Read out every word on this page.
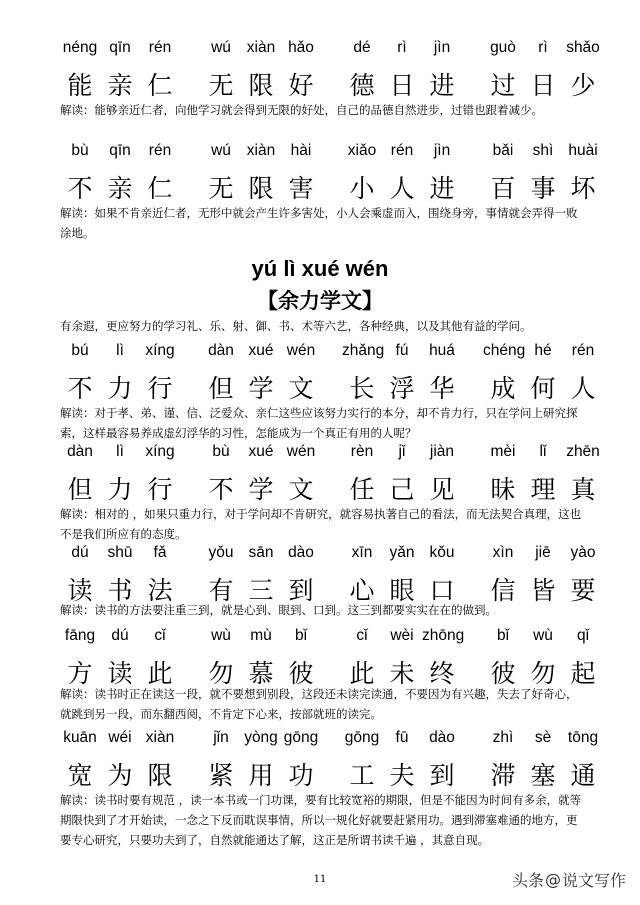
néng qīn	rén	wú	xiàn hǎo	dé	rì	jìn	guò	rì	shǎo
能 亲 仁	无 限 好	德 日 进	过 日 少
解读：能够亲近仁者，向他学习就会得到无限的好处，自己的品德自然进步，过错也跟着减少。
bù	qīn	rén	wú	xiàn hài	xiǎo rén	jìn	bǎi	shì huài
不 亲 仁	无 限 害	小 人 进	百 事 坏
解读：如果不肯亲近仁者，无形中就会产生许多害处，小人会乘虚而入，围绕身旁，事情就会弄得一败涂地。
bú	lì	xíng	dàn xué wén	zhǎng fú	huá	chéng hé	rén
不 力 行	但 学 文	长 浮 华	成 何 人
解读：对于孝、弟、谨、信、泛爱众、亲仁这些应该努力实行的本分，却不肯力行，只在学问上研究探索，这样最容易养成虚幻浮华的习性，怎能成为一个真正有用的人呢？
dàn	lì	xíng	bù	xué wén	rèn	jǐ	jiàn	mèi	lǐ	zhēn
但 力 行	不 学 文	任 己 见	昧 理 真
解读：相对的 ，如果只重力行，对于学问却不肯研究，就容易执著自己的看法，而无法契合真理，这也不是我们所应有的态度。
dú	shū	fǎ	yǒu sān dào	xīn	yǎn kǒu	xìn	jiē	yào
读 书 法	有 三 到	心 眼 口	信 皆 要
解读：读书的方法要注重三到，就是心到、眼到、口到。这三到都要实实在在的做到。
fāng	dú	cǐ	wù	mù	bǐ	cǐ	wèi zhōng	bǐ	wù	qǐ
方 读 此	勿 慕 彼	此 未 终	彼 勿 起
解读：读书时正在读这一段，就不要想到别段，这段还未读完读通，不要因为有兴趣，失去了好奇心，就跳到另一段，而东翻西阅，不肯定下心来，按部就班的读完。
kuān wéi xiàn	jǐn yòng gōng gōng	fū	dào	zhì	sè	tōng
宽 为 限	紧 用 功	工 夫 到	滞 塞 通
解读：读书时要有规范 ，读一本书或一门功课，要有比较宽裕的期限，但是不能因为时间有多余，就等期限快到了才开始读，一念之下反而耽误事情，所以一规化好就要赶紧用功。遇到滞塞难通的地方，更要专心研究，只要功夫到了，自然就能通达了解，这正是所谓书读千遍 ，其意自现。
yú lì xué wén
【余力学文】
有余遐，更应努力的学习礼、乐、射、御、书、术等六艺，各种经典，以及其他有益的学问。
11	头条 @ 说文写作
